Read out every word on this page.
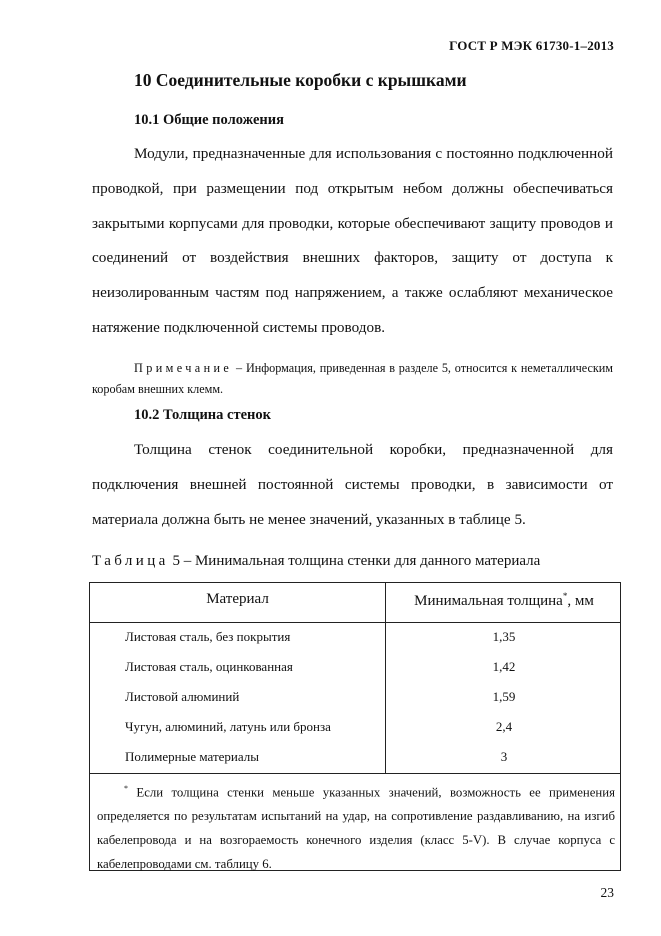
ГОСТ Р МЭК 61730-1–2013
10 Соединительные коробки с крышками
10.1 Общие положения

Модули, предназначенные для использования с постоянно подключенной проводкой, при размещении под открытым небом должны обеспечиваться закрытыми корпусами для проводки, которые обеспечивают защиту проводов и соединений от воздействия внешних факторов, защиту от доступа к неизолированным частям под напряжением, а также ослабляют механическое натяжение подключенной системы проводов.

Примечание – Информация, приведенная в разделе 5, относится к неметаллическим коробам внешних клемм.

10.2 Толщина стенок

Толщина стенок соединительной коробки, предназначенной для подключения внешней постоянной системы проводки, в зависимости от материала должна быть не менее значений, указанных в таблице 5.

Таблица 5 – Минимальная толщина стенки для данного материала
Материал	Минимальная толщина*, мм
Листовая сталь, без покрытия	1,35
Листовая сталь, оцинкованная	1,42
Листовой алюминий	1,59
Чугун, алюминий, латунь или бронза	2,4
Полимерные материалы	3

* Если толщина стенки меньше указанных значений, возможность ее применения определяется по результатам испытаний на удар, на сопротивление раздавливанию, на изгиб кабелепровода и на возгораемость конечного изделия (класс 5-V). В случае корпуса с кабелепроводами см. таблицу 6.

23
